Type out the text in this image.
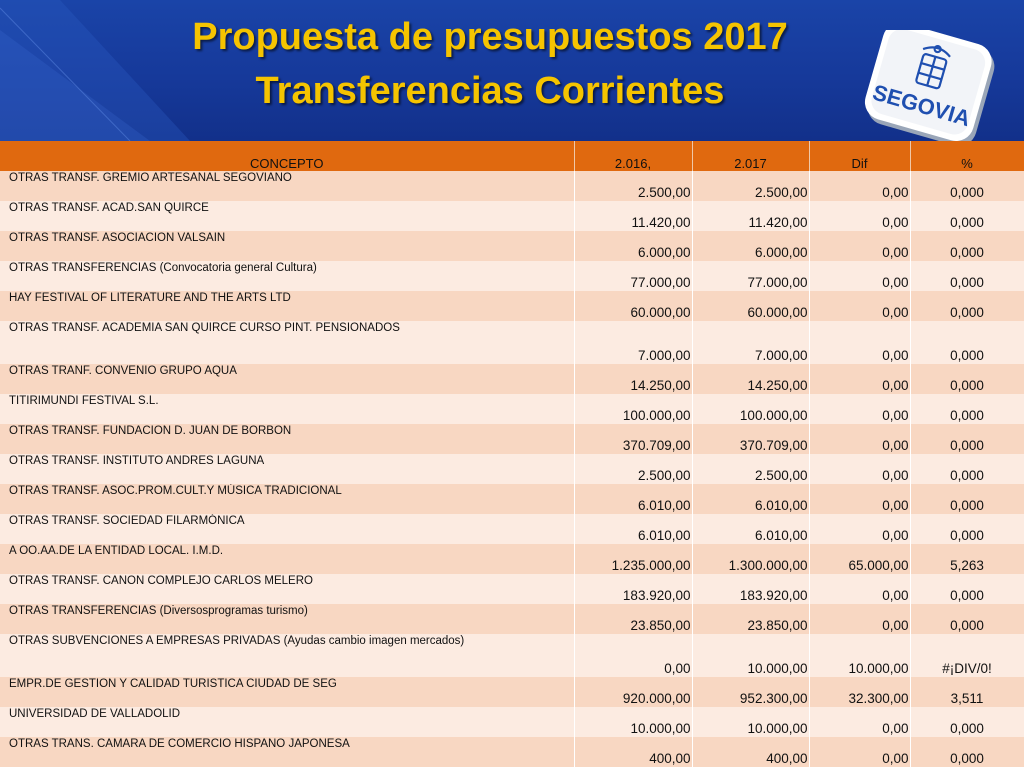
Propuesta de presupuestos 2017
Transferencias Corrientes	SEGOVIA
CONCEPTO	2.016,	2.017	Dif	%
OTRAS TRANSF. GREMIO ARTESANAL SEGOVIANO	2.500,00	2.500,00	0,00	0,000
OTRAS TRANSF. ACAD.SAN QUIRCE	11.420,00	11.420,00	0,00	0,000
OTRAS TRANSF. ASOCIACION VALSAIN	6.000,00	6.000,00	0,00	0,000
OTRAS TRANSFERENCIAS (Convocatoria general Cultura)	77.000,00	77.000,00	0,00	0,000
HAY FESTIVAL OF LITERATURE AND THE ARTS LTD	60.000,00	60.000,00	0,00	0,000
OTRAS TRANSF. ACADEMIA SAN QUIRCE CURSO PINT. PENSIONADOS	7.000,00	7.000,00	0,00	0,000
OTRAS TRANF. CONVENIO GRUPO AQUA	14.250,00	14.250,00	0,00	0,000
TITIRIMUNDI FESTIVAL S.L.	100.000,00	100.000,00	0,00	0,000
OTRAS TRANSF. FUNDACION D. JUAN DE BORBON	370.709,00	370.709,00	0,00	0,000
OTRAS TRANSF. INSTITUTO ANDRES LAGUNA	2.500,00	2.500,00	0,00	0,000
OTRAS TRANSF. ASOC.PROM.CULT.Y MÚSICA TRADICIONAL	6.010,00	6.010,00	0,00	0,000
OTRAS TRANSF. SOCIEDAD FILARMÓNICA	6.010,00	6.010,00	0,00	0,000
A OO.AA.DE LA ENTIDAD LOCAL. I.M.D.	1.235.000,00	1.300.000,00	65.000,00	5,263
OTRAS TRANSF. CANON COMPLEJO CARLOS MELERO	183.920,00	183.920,00	0,00	0,000
OTRAS TRANSFERENCIAS (Diversosprogramas turismo)	23.850,00	23.850,00	0,00	0,000
OTRAS SUBVENCIONES A EMPRESAS PRIVADAS (Ayudas cambio imagen mercados)	0,00	10.000,00	10.000,00	#¡DIV/0!
EMPR.DE GESTION Y CALIDAD TURISTICA CIUDAD DE SEG	920.000,00	952.300,00	32.300,00	3,511
UNIVERSIDAD DE VALLADOLID	10.000,00	10.000,00	0,00	0,000
OTRAS TRANS. CAMARA DE COMERCIO HISPANO JAPONESA	400,00	400,00	0,00	0,000
